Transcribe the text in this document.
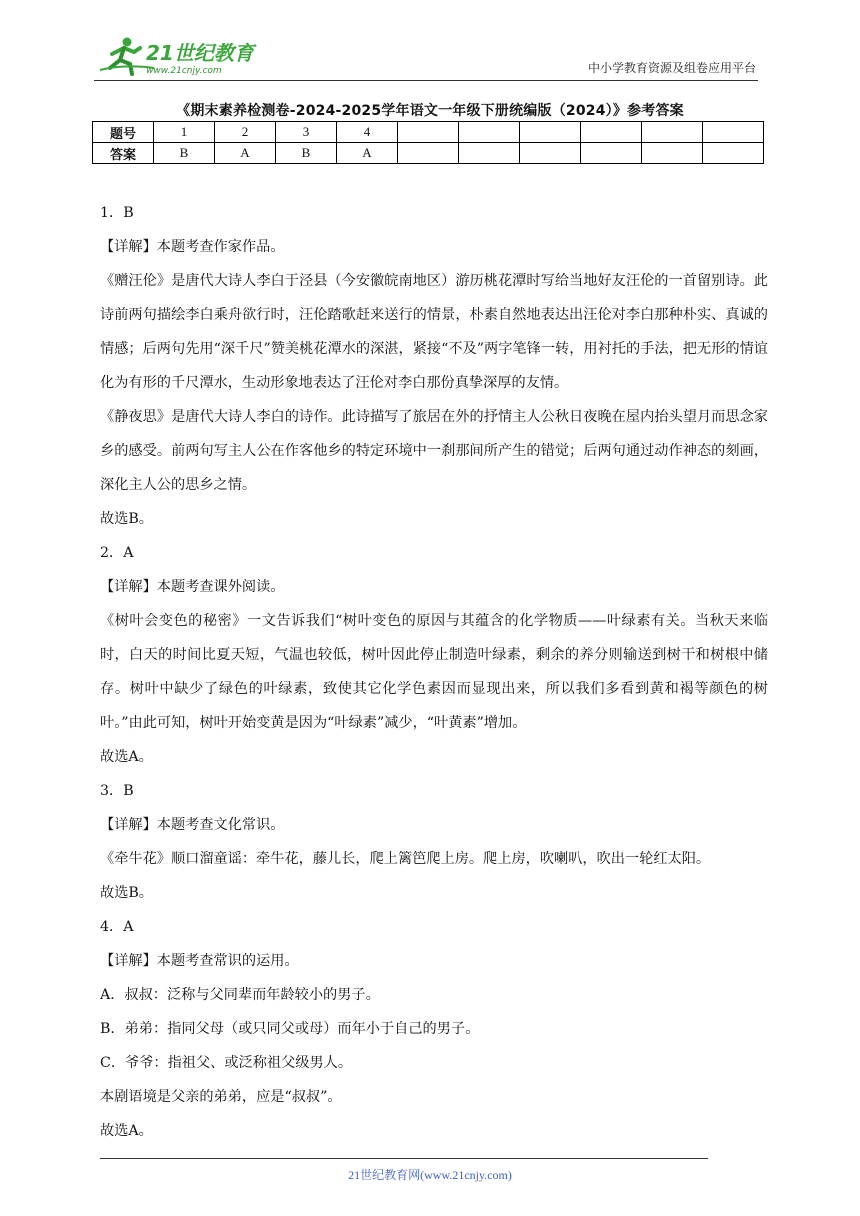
21世纪教育
www.21cnjy.com	中小学教育资源及组卷应用平台
《期末素养检测卷-2024-2025学年语文一年级下册统编版（2024）》参考答案
题号	1	2	3	4						
答案	B	A	B	A						

1．B

【详解】本题考查作家作品。

《赠汪伦》是唐代大诗人李白于泾县（今安徽皖南地区）游历桃花潭时写给当地好友汪伦的一首留别诗。此诗前两句描绘李白乘舟欲行时，汪伦踏歌赶来送行的情景，朴素自然地表达出汪伦对李白那种朴实、真诚的情感；后两句先用“深千尺”赞美桃花潭水的深湛，紧接“不及”两字笔锋一转，用衬托的手法，把无形的情谊化为有形的千尺潭水，生动形象地表达了汪伦对李白那份真挚深厚的友情。

《静夜思》是唐代大诗人李白的诗作。此诗描写了旅居在外的抒情主人公秋日夜晚在屋内抬头望月而思念家乡的感受。前两句写主人公在作客他乡的特定环境中一刹那间所产生的错觉；后两句通过动作神态的刻画，深化主人公的思乡之情。

故选B。

2．A

【详解】本题考查课外阅读。

《树叶会变色的秘密》一文告诉我们“树叶变色的原因与其蕴含的化学物质——叶绿素有关。当秋天来临时，白天的时间比夏天短，气温也较低，树叶因此停止制造叶绿素，剩余的养分则输送到树干和树根中储存。树叶中缺少了绿色的叶绿素，致使其它化学色素因而显现出来，所以我们多看到黄和褐等颜色的树叶。”由此可知，树叶开始变黄是因为“叶绿素”减少，“叶黄素”增加。

故选A。

3．B

【详解】本题考查文化常识。

《牵牛花》顺口溜童谣：牵牛花，藤儿长，爬上篱笆爬上房。爬上房，吹喇叭，吹出一轮红太阳。

故选B。

4．A

【详解】本题考查常识的运用。

A．叔叔：泛称与父同辈而年龄较小的男子。

B．弟弟：指同父母（或只同父或母）而年小于自己的男子。

C．爷爷：指祖父、或泛称祖父级男人。

本剧语境是父亲的弟弟，应是“叔叔”。

故选A。

21世纪教育网(www.21cnjy.com)
